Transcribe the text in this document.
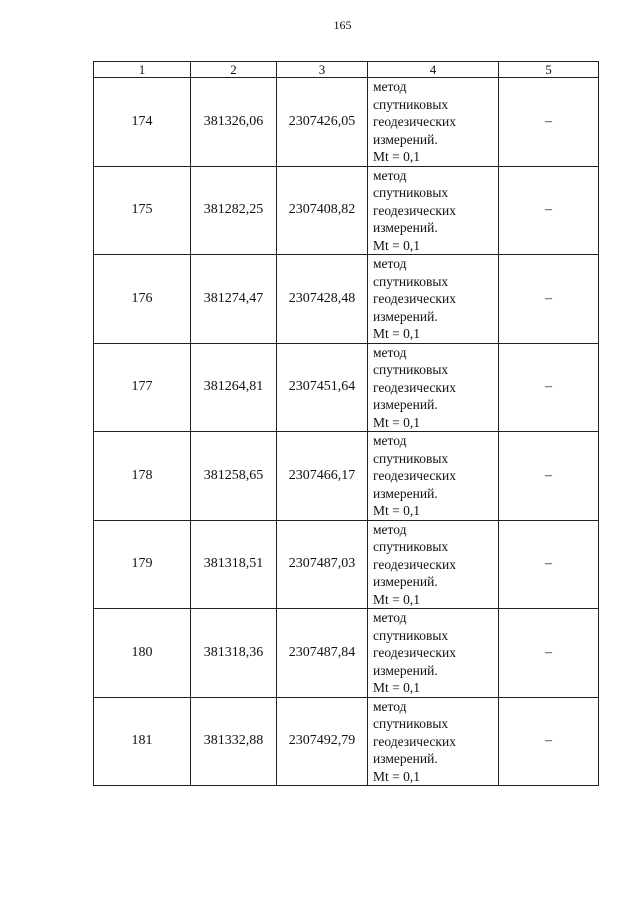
165
1	2	3	4	5
174	381326,06	2307426,05	метод
спутниковых
геодезических
измерений.
Mt = 0,1	–
175	381282,25	2307408,82	метод
спутниковых
геодезических
измерений.
Mt = 0,1	–
176	381274,47	2307428,48	метод
спутниковых
геодезических
измерений.
Mt = 0,1	–
177	381264,81	2307451,64	метод
спутниковых
геодезических
измерений.
Mt = 0,1	–
178	381258,65	2307466,17	метод
спутниковых
геодезических
измерений.
Mt = 0,1	–
179	381318,51	2307487,03	метод
спутниковых
геодезических
измерений.
Mt = 0,1	–
180	381318,36	2307487,84	метод
спутниковых
геодезических
измерений.
Mt = 0,1	–
181	381332,88	2307492,79	метод
спутниковых
геодезических
измерений.
Mt = 0,1	–
